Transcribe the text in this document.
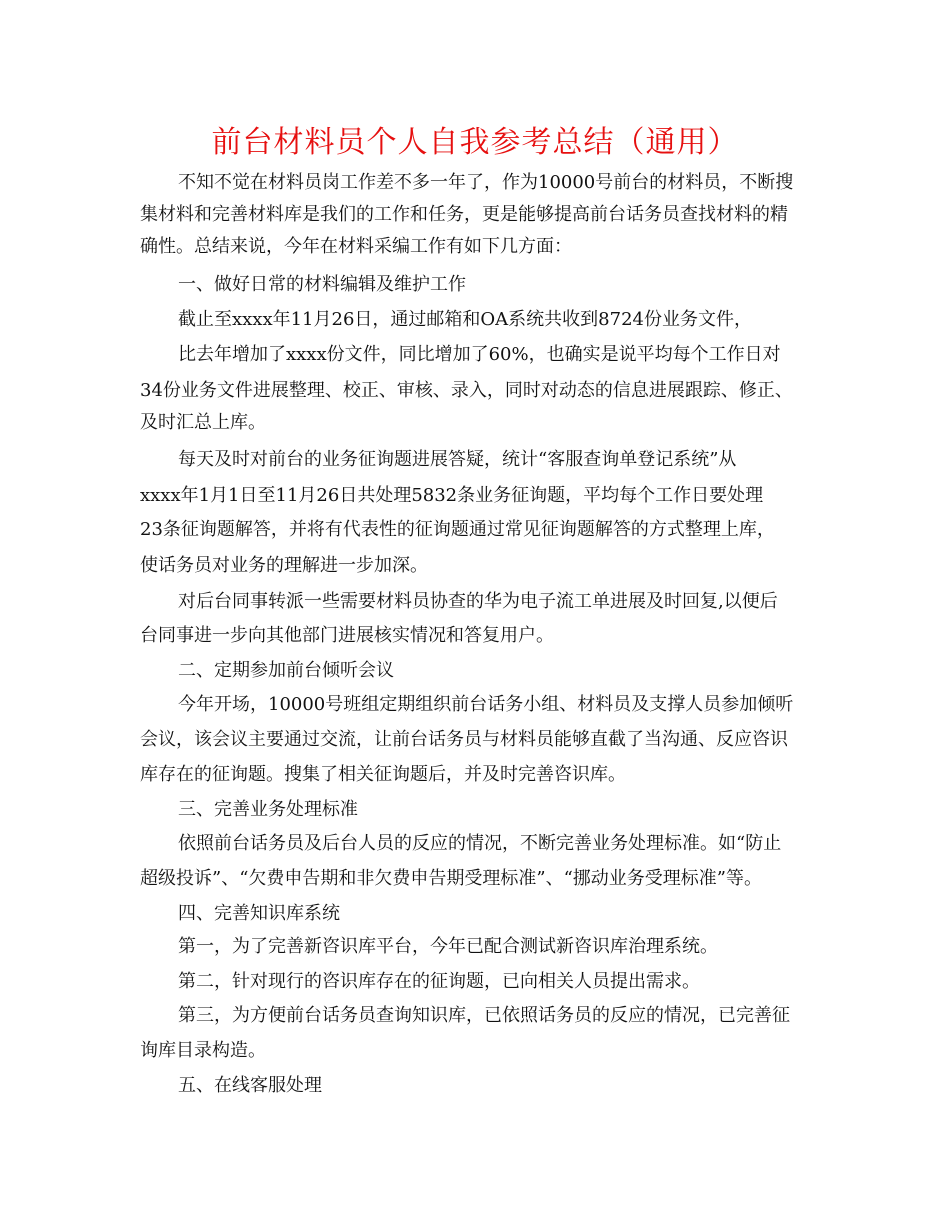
前台材料员个人自我参考总结（通用）

不知不觉在材料员岗工作差不多一年了，作为10000号前台的材料员，不断搜

集材料和完善材料库是我们的工作和任务，更是能够提高前台话务员查找材料的精

确性。总结来说，今年在材料采编工作有如下几方面：

一、做好日常的材料编辑及维护工作

截止至xxxx年11月26日，通过邮箱和OA系统共收到8724份业务文件，

比去年增加了xxxx份文件，同比增加了60%，也确实是说平均每个工作日对

34份业务文件进展整理、校正、审核、录入，同时对动态的信息进展跟踪、修正、

及时汇总上库。

每天及时对前台的业务征询题进展答疑，统计“客服查询单登记系统”从

xxxx年1月1日至11月26日共处理5832条业务征询题，平均每个工作日要处理

23条征询题解答，并将有代表性的征询题通过常见征询题解答的方式整理上库，

使话务员对业务的理解进一步加深。

对后台同事转派一些需要材料员协查的华为电子流工单进展及时回复,以便后

台同事进一步向其他部门进展核实情况和答复用户。

二、定期参加前台倾听会议

今年开场，10000号班组定期组织前台话务小组、材料员及支撑人员参加倾听

会议，该会议主要通过交流，让前台话务员与材料员能够直截了当沟通、反应咨识

库存在的征询题。搜集了相关征询题后，并及时完善咨识库。

三、完善业务处理标准

依照前台话务员及后台人员的反应的情况，不断完善业务处理标准。如“防止

超级投诉”、“欠费申告期和非欠费申告期受理标准”、“挪动业务受理标准”等。

四、完善知识库系统

第一，为了完善新咨识库平台，今年已配合测试新咨识库治理系统。

第二，针对现行的咨识库存在的征询题，已向相关人员提出需求。

第三，为方便前台话务员查询知识库，已依照话务员的反应的情况，已完善征

询库目录构造。

五、在线客服处理
